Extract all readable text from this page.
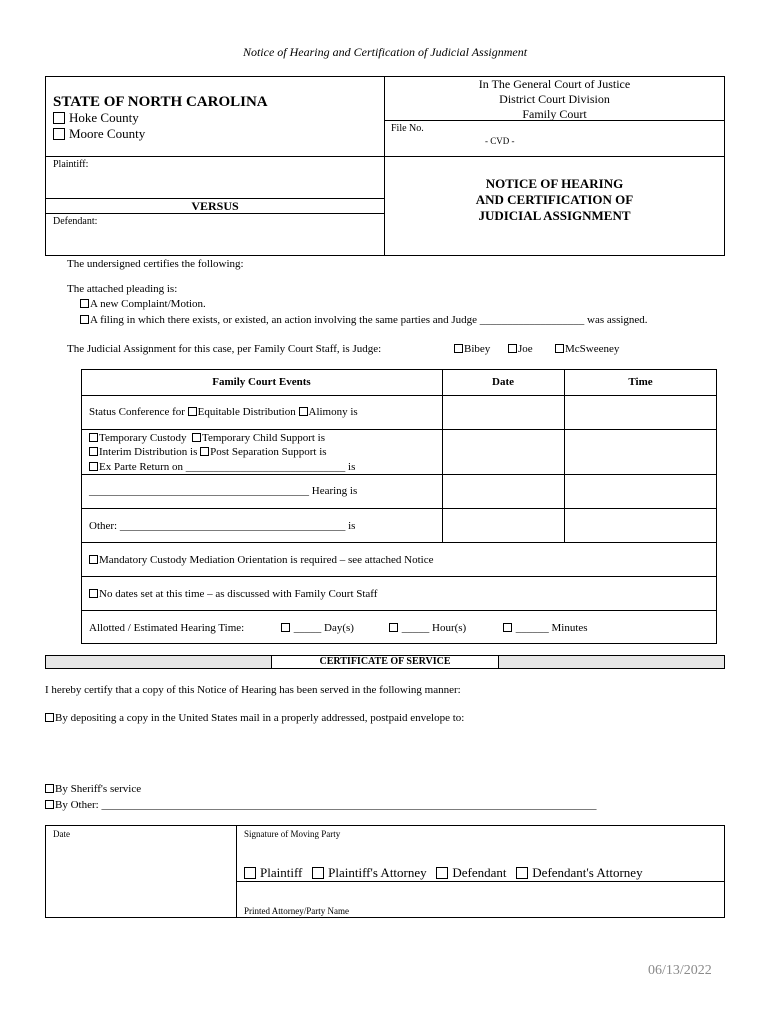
Notice of Hearing and Certification of Judicial Assignment
STATE OF NORTH CAROLINA
Hoke County
Moore County
In The General Court of Justice
District Court Division
Family Court
File No.
- CVD -
Plaintiff:
VERSUS
Defendant:
NOTICE OF HEARING
AND CERTIFICATION OF
JUDICIAL ASSIGNMENT
The undersigned certifies the following:
The attached pleading is:
A new Complaint/Motion.
A filing in which there exists, or existed, an action involving the same parties and Judge ___________________ was assigned.
The Judicial Assignment for this case, per Family Court Staff, is Judge:	Bibey	Joe	McSweeney
Family Court Events	Date	Time
Status Conference for Equitable Distribution Alimony is
Temporary Custody Temporary Child Support is
Interim Distribution is Post Separation Support is
Ex Parte Return on _____________________________ is
________________________________________ Hearing is
Other: _________________________________________ is
Mandatory Custody Mediation Orientation is required – see attached Notice
No dates set at this time – as discussed with Family Court Staff
Allotted / Estimated Hearing Time:	_____ Day(s)	_____ Hour(s)	______ Minutes
CERTIFICATE OF SERVICE
I hereby certify that a copy of this Notice of Hearing has been served in the following manner:
By depositing a copy in the United States mail in a properly addressed, postpaid envelope to:
By Sheriff's service
By Other: __________________________________________________________________________________________
Date	Signature of Moving Party
Plaintiff Plaintiff's Attorney Defendant Defendant's Attorney
Printed Attorney/Party Name
06/13/2022
